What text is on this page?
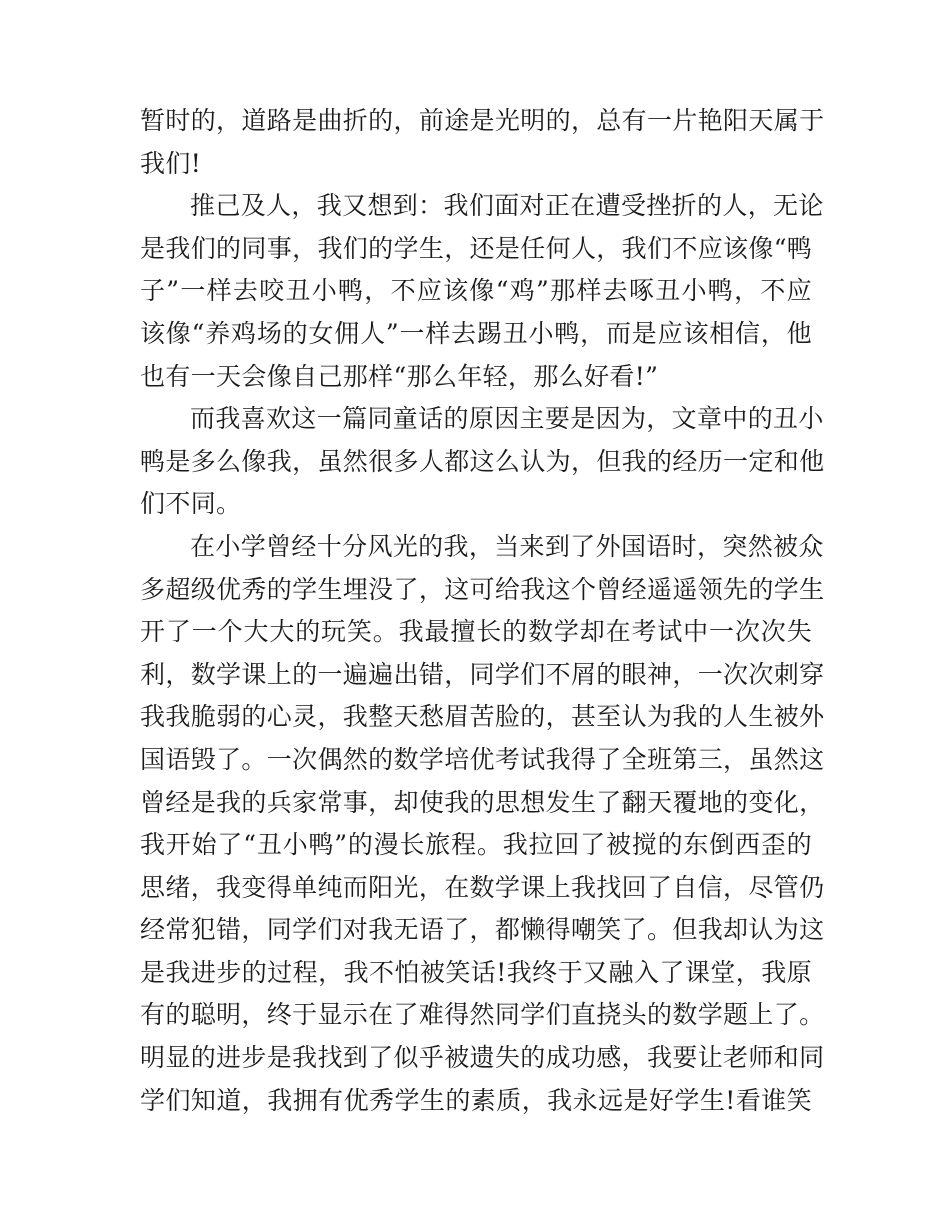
暂时的，道路是曲折的，前途是光明的，总有一片艳阳天属于
我们!

推己及人，我又想到：我们面对正在遭受挫折的人，无论
是我们的同事，我们的学生，还是任何人，我们不应该像“鸭
子”一样去咬丑小鸭，不应该像“鸡”那样去啄丑小鸭，不应
该像“养鸡场的女佣人”一样去踢丑小鸭，而是应该相信，他
也有一天会像自己那样“那么年轻，那么好看!”

而我喜欢这一篇同童话的原因主要是因为，文章中的丑小
鸭是多么像我，虽然很多人都这么认为，但我的经历一定和他
们不同。

在小学曾经十分风光的我，当来到了外国语时，突然被众
多超级优秀的学生埋没了，这可给我这个曾经遥遥领先的学生
开了一个大大的玩笑。我最擅长的数学却在考试中一次次失
利，数学课上的一遍遍出错，同学们不屑的眼神，一次次刺穿
我我脆弱的心灵，我整天愁眉苦脸的，甚至认为我的人生被外
国语毁了。一次偶然的数学培优考试我得了全班第三，虽然这
曾经是我的兵家常事，却使我的思想发生了翻天覆地的变化，
我开始了“丑小鸭”的漫长旅程。我拉回了被搅的东倒西歪的
思绪，我变得单纯而阳光，在数学课上我找回了自信，尽管仍
经常犯错，同学们对我无语了，都懒得嘲笑了。但我却认为这
是我进步的过程，我不怕被笑话!我终于又融入了课堂，我原
有的聪明，终于显示在了难得然同学们直挠头的数学题上了。
明显的进步是我找到了似乎被遗失的成功感，我要让老师和同
学们知道，我拥有优秀学生的素质，我永远是好学生!看谁笑
